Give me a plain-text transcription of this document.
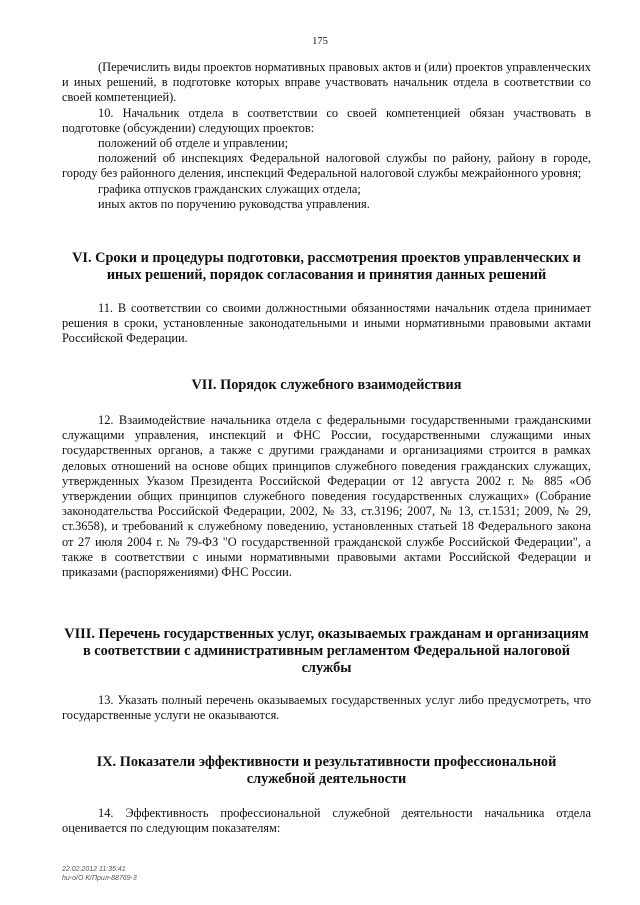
175

(Перечислить виды проектов нормативных правовых актов и (или) проектов управленческих и иных решений, в подготовке которых вправе участвовать начальник отдела в соответствии со своей компетенцией).

10. Начальник отдела в соответствии со своей компетенцией обязан участвовать в подготовке (обсуждении) следующих проектов:

положений об отделе и управлении;

положений об инспекциях Федеральной налоговой службы по району, району в городе, городу без районного деления, инспекций Федеральной налоговой службы межрайонного уровня;

графика отпусков гражданских служащих отдела;

иных актов по поручению руководства управления.

VI. Сроки и процедуры подготовки, рассмотрения проектов управленческих и иных решений, порядок согласования и принятия данных решений

11. В соответствии со своими должностными обязанностями начальник отдела принимает решения в сроки, установленные законодательными и иными нормативными правовыми актами Российской Федерации.

VII. Порядок служебного взаимодействия

12. Взаимодействие начальника отдела с федеральными государственными гражданскими служащими управления, инспекций и ФНС России, государственными служащими иных государственных органов, а также с другими гражданами и организациями строится в рамках деловых отношений на основе общих принципов служебного поведения гражданских служащих, утвержденных Указом Президента Российской Федерации от 12 августа 2002 г. № 885 «Об утверждении общих принципов служебного поведения государственных служащих» (Собрание законодательства Российской Федерации, 2002, № 33, ст.3196; 2007, № 13, ст.1531; 2009, № 29, ст.3658), и требований к служебному поведению, установленных статьей 18 Федерального закона от 27 июля 2004 г. № 79-ФЗ "О государственной гражданской службе Российской Федерации", а также в соответствии с иными нормативными правовыми актами Российской Федерации и приказами (распоряжениями) ФНС России.

VIII. Перечень государственных услуг, оказываемых гражданам и организациям в соответствии с административным регламентом Федеральной налоговой службы

13. Указать полный перечень оказываемых государственных услуг либо предусмотреть, что государственные услуги не оказываются.

IX. Показатели эффективности и результативности профессиональной служебной деятельности

14. Эффективность профессиональной служебной деятельности начальника отдела оценивается по следующим показателям:

22.02.2012 11:35:41
hu-o/O K/Прил-88769-3
